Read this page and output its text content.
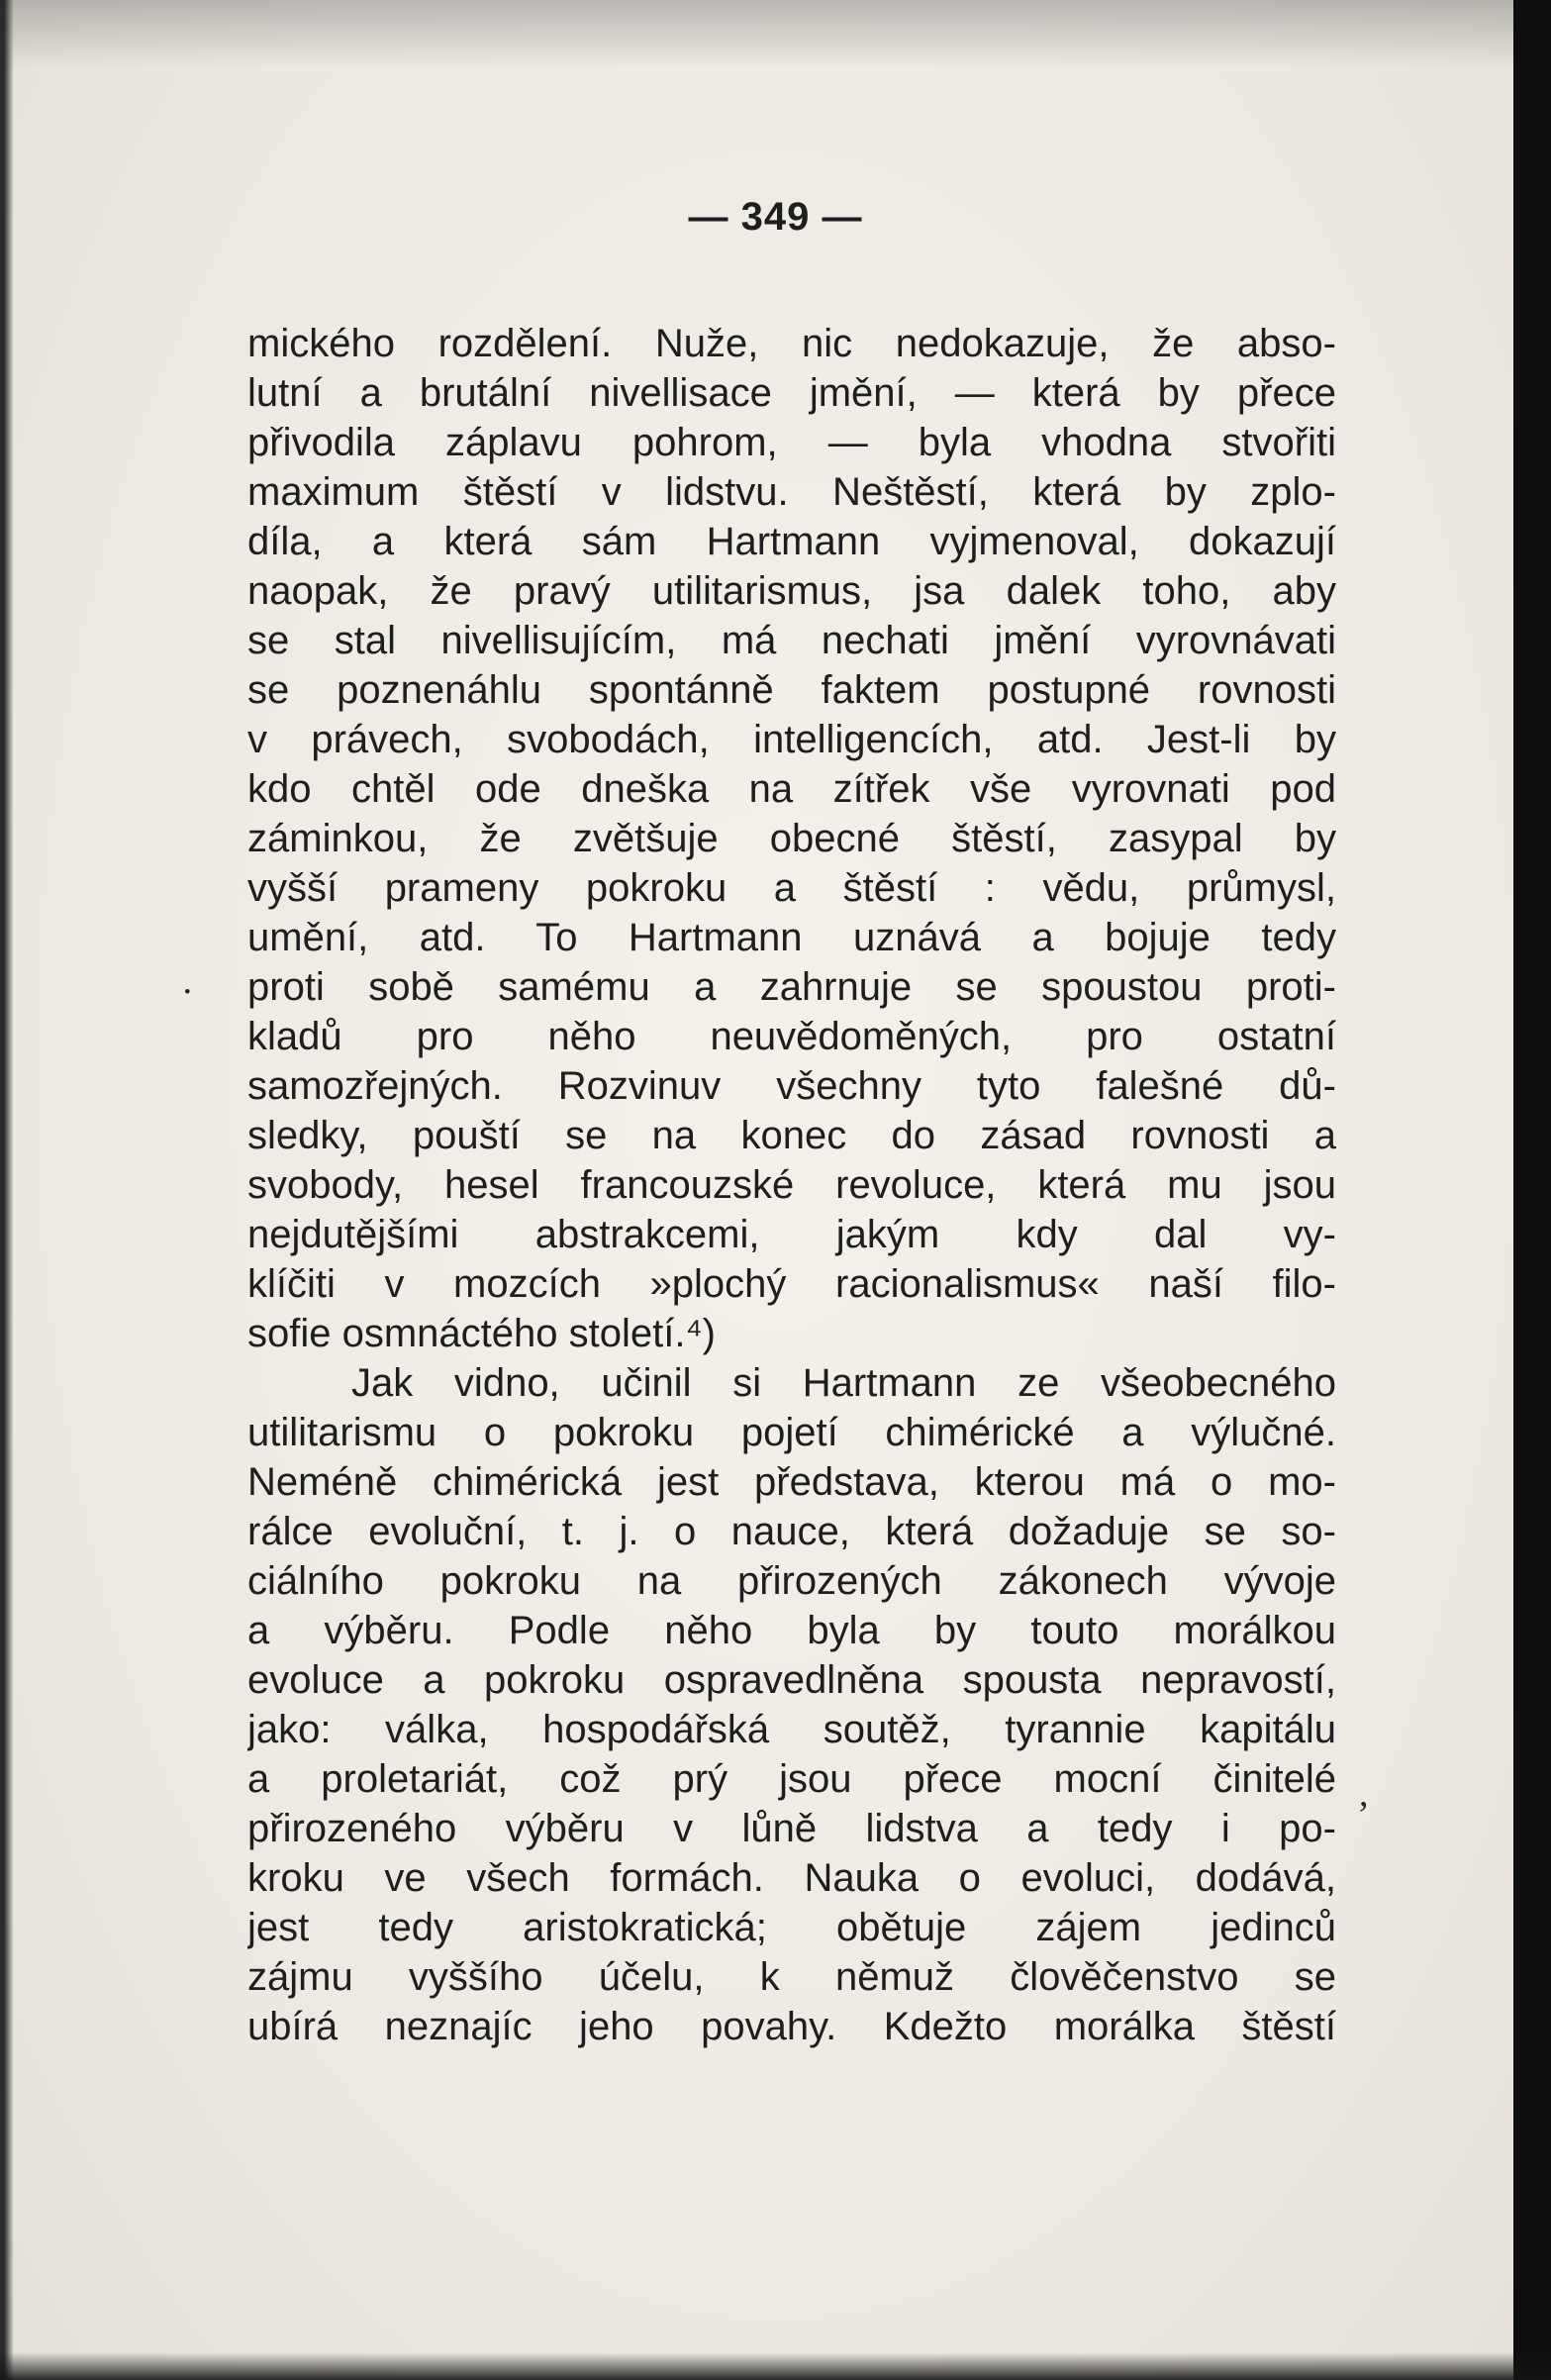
— 349 —
mického rozdělení. Nuže, nic nedokazuje, že abso-
lutní a brutální nivellisace jmění, — která by přece
přivodila záplavu pohrom, — byla vhodna stvořiti
maximum štěstí v lidstvu. Neštěstí, která by zplo-
díla, a která sám Hartmann vyjmenoval, dokazují
naopak, že pravý utilitarismus, jsa dalek toho, aby
se stal nivellisujícím, má nechati jmění vyrovnávati
se poznenáhlu spontánně faktem postupné rovnosti
v právech, svobodách, intelligencích, atd. Jest-li by
kdo chtěl ode dneška na zítřek vše vyrovnati pod
záminkou, že zvětšuje obecné štěstí, zasypal by
vyšší prameny pokroku a štěstí : vědu, průmysl,
umění, atd. To Hartmann uznává a bojuje tedy
proti sobě samému a zahrnuje se spoustou proti-
kladů pro něho neuvědoměných, pro ostatní
samozřejných. Rozvinuv všechny tyto falešné dů-
sledky, pouští se na konec do zásad rovnosti a
svobody, hesel francouzské revoluce, která mu jsou
nejdutějšími abstrakcemi, jakým kdy dal vy-
klíčiti v mozcích »plochý racionalismus« naší filo-
sofie osmnáctého století.⁴)
Jak vidno, učinil si Hartmann ze všeobecného
utilitarismu o pokroku pojetí chimérické a výlučné.
Neméně chimérická jest představa, kterou má o mo-
rálce evoluční, t. j. o nauce, která dožaduje se so-
ciálního pokroku na přirozených zákonech vývoje
a výběru. Podle něho byla by touto morálkou
evoluce a pokroku ospravedlněna spousta nepravostí,
jako: válka, hospodářská soutěž, tyrannie kapitálu
a proletariát, což prý jsou přece mocní činitelé
přirozeného výběru v lůně lidstva a tedy i po-
kroku ve všech formách. Nauka o evoluci, dodává,
jest tedy aristokratická; obětuje zájem jedinců
zájmu vyššího účelu, k němuž člověčenstvo se
ubírá neznajíc jeho povahy. Kdežto morálka štěstí
·
,
